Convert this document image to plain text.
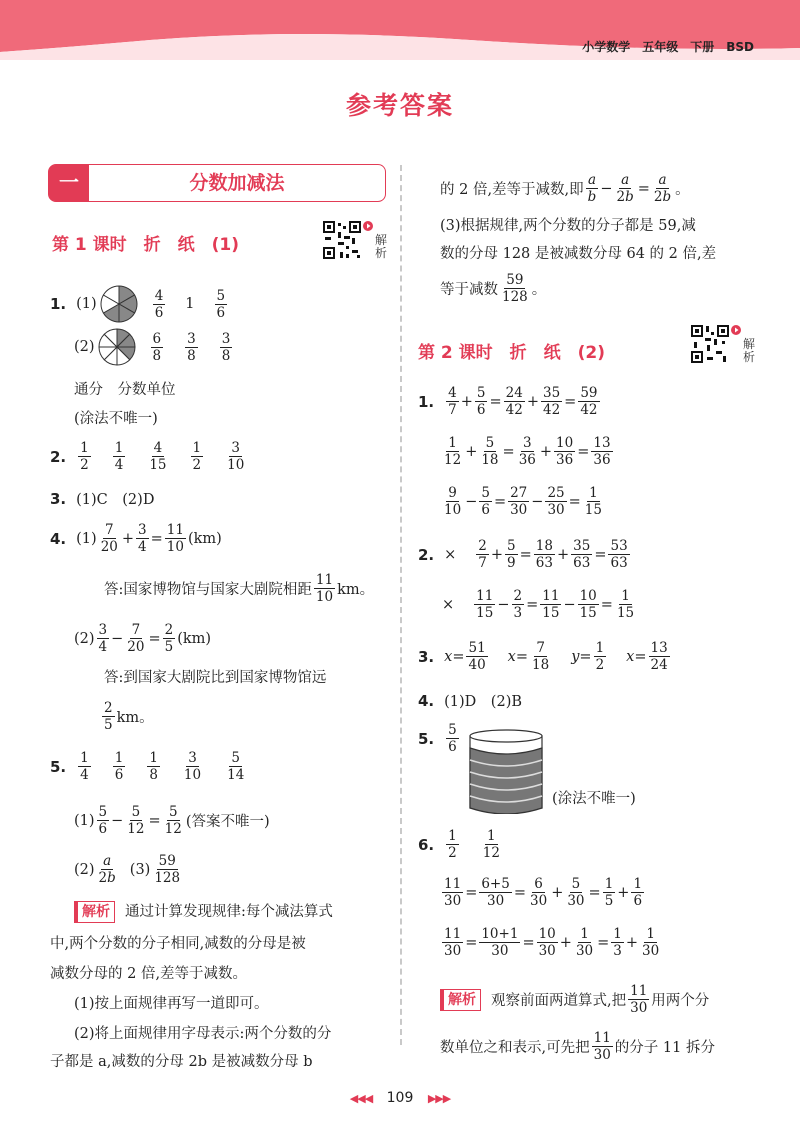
小学数学　五年级　下册　BSD
参考答案
一	分数加减法
第 1 课时　折　纸　(1)	解
析
1. (1)	$\frac{4}{6} 1 \frac{5}{6}$
(2)	$\frac{6}{8} \frac{3}{8} \frac{3}{8}$
通分　分数单位
(涂法不唯一)
2. $\frac{1}{2} \frac{1}{4} \frac{4}{15} \frac{1}{2} \frac{3}{10}$
3. (1)C　(2)D
4. $(1) \frac{7}{20} + \frac{3}{4} = \frac{11}{10} (km)$
答:国家博物馆与国家大剧院相距 $\frac{11}{10}$ km。
$(2) \frac{3}{4} - \frac{7}{20} = \frac{2}{5} (km)$
答:到国家大剧院比到国家博物馆远
$\frac{2}{5}$ km。
5. $\frac{1}{4} \frac{1}{6} \frac{1}{8} \frac{3}{10} \frac{5}{14}$
$(1) \frac{5}{6} - \frac{5}{12} = \frac{5}{12}$ (答案不唯一)
$(2) \frac{a}{2b} (3) \frac{59}{128}$
解析 通过计算发现规律:每个减法算式
中,两个分数的分子相同,减数的分母是被
减数分母的 2 倍,差等于减数。
(1)按上面规律再写一道即可。
(2)将上面规律用字母表示:两个分数的分
子都是 a,减数的分母 2b 是被减数分母 b
的 2 倍,差等于减数,即 $\frac{a}{b} - \frac{a}{2b} = \frac{a}{2b}$ 。
(3)根据规律,两个分数的分子都是 59,减
数的分母 128 是被减数分母 64 的 2 倍,差
等于减数 $\frac{59}{128}$ 。
第 2 课时　折　纸　(2)	解
析
1. $\frac{4}{7} + \frac{5}{6} = \frac{24}{42} + \frac{35}{42} = \frac{59}{42}$
$\frac{1}{12} + \frac{5}{18} = \frac{3}{36} + \frac{10}{36} = \frac{13}{36}$
$\frac{9}{10} - \frac{5}{6} = \frac{27}{30} - \frac{25}{30} = \frac{1}{15}$
2. × $\frac{2}{7} + \frac{5}{9} = \frac{18}{63} + \frac{35}{63} = \frac{53}{63}$
× $\frac{11}{15} - \frac{2}{3} = \frac{11}{15} - \frac{10}{15} = \frac{1}{15}$
3. $x = \frac{51}{40}$ $x = \frac{7}{18}$ $y = \frac{1}{2}$ $x = \frac{13}{24}$
4. (1)D　(2)B
5. $\frac{5}{6}$
(涂法不唯一)
6. $\frac{1}{2} \frac{1}{12}$
$\frac{11}{30} = \frac{6+5}{30} = \frac{6}{30} + \frac{5}{30} = \frac{1}{5} + \frac{1}{6}$
$\frac{11}{30} = \frac{10+1}{30} = \frac{10}{30} + \frac{1}{30} = \frac{1}{3} + \frac{1}{30}$
解析	观察前面两道算式,把 $\frac{11}{30}$ 用两个分
数单位之和表示,可先把 $\frac{11}{30}$ 的分子 11 拆分
◀◀◀ 109 ▶▶▶
